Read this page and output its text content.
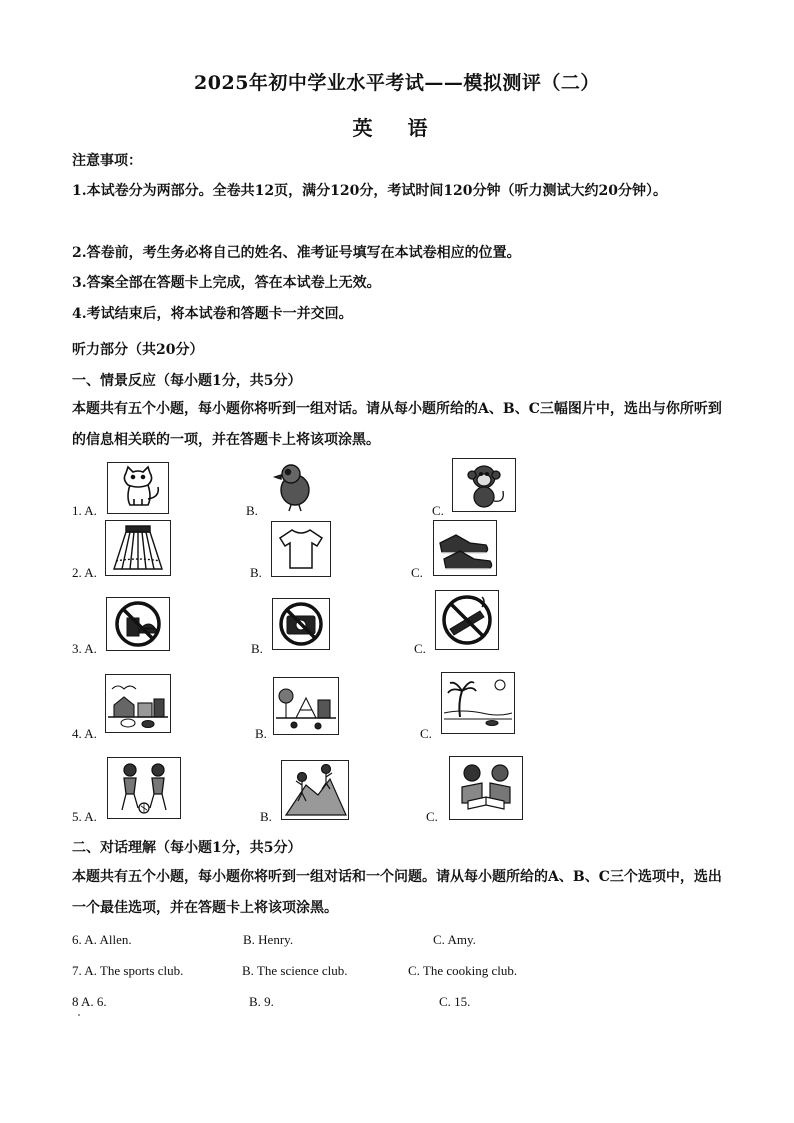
2025年初中学业水平考试——模拟测评（二）
英 语
注意事项：
1.本试卷分为两部分。全卷共12页，满分120分，考试时间120分钟（听力测试大约20分钟）。
2.答卷前，考生务必将自己的姓名、准考证号填写在本试卷相应的位置。
3.答案全部在答题卡上完成，答在本试卷上无效。
4.考试结束后，将本试卷和答题卡一并交回。
听力部分（共20分）
一、情景反应（每小题1分，共5分）
本题共有五个小题，每小题你将听到一组对话。请从每小题所给的A、B、C三幅图片中，选出与你所听到的信息相关联的一项，并在答题卡上将该项涂黑。
1. A.	B.	C.
2. A.	B.	C.
3. A.	B.	C.
4. A.	B.	C.
5. A.	B.	C.
二、对话理解（每小题1分，共5分）
本题共有五个小题，每小题你将听到一组对话和一个问题。请从每小题所给的A、B、C三个选项中，选出一个最佳选项，并在答题卡上将该项涂黑。
6. A. Allen.	B. Henry.	C. Amy.
7. A. The sports club.	B. The science club.	C. The cooking club.
8 A. 6.	B. 9.	C. 15.
